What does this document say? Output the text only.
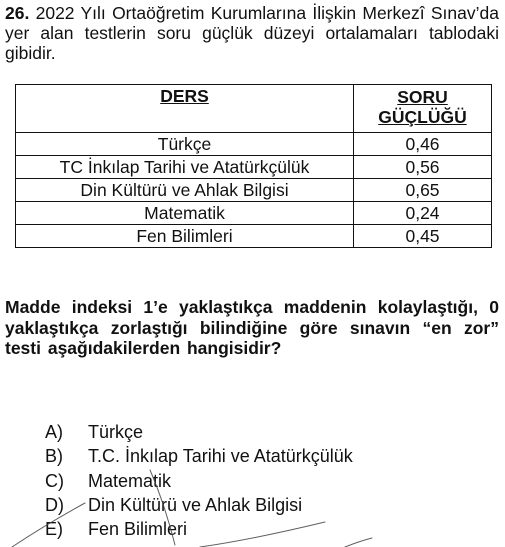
26. 2022 Yılı Ortaöğretim Kurumlarına İlişkin Merkezî Sınav’da yer alan testlerin soru güçlük düzeyi ortalamaları tablodaki gibidir.

DERS	SORU
GÜÇLÜĞÜ
Türkçe	0,46
TC İnkılap Tarihi ve Atatürkçülük	0,56
Din Kültürü ve Ahlak Bilgisi	0,65
Matematik	0,24
Fen Bilimleri	0,45

Madde indeksi 1’e yaklaştıkça maddenin kolaylaştığı, 0 yaklaştıkça zorlaştığı bilindiğine göre sınavın “en zor” testi aşağıdakilerden hangisidir?

A) Türkçe
B) T.C. İnkılap Tarihi ve Atatürkçülük
C) Matematik
D) Din Kültürü ve Ahlak Bilgisi
E) Fen Bilimleri
